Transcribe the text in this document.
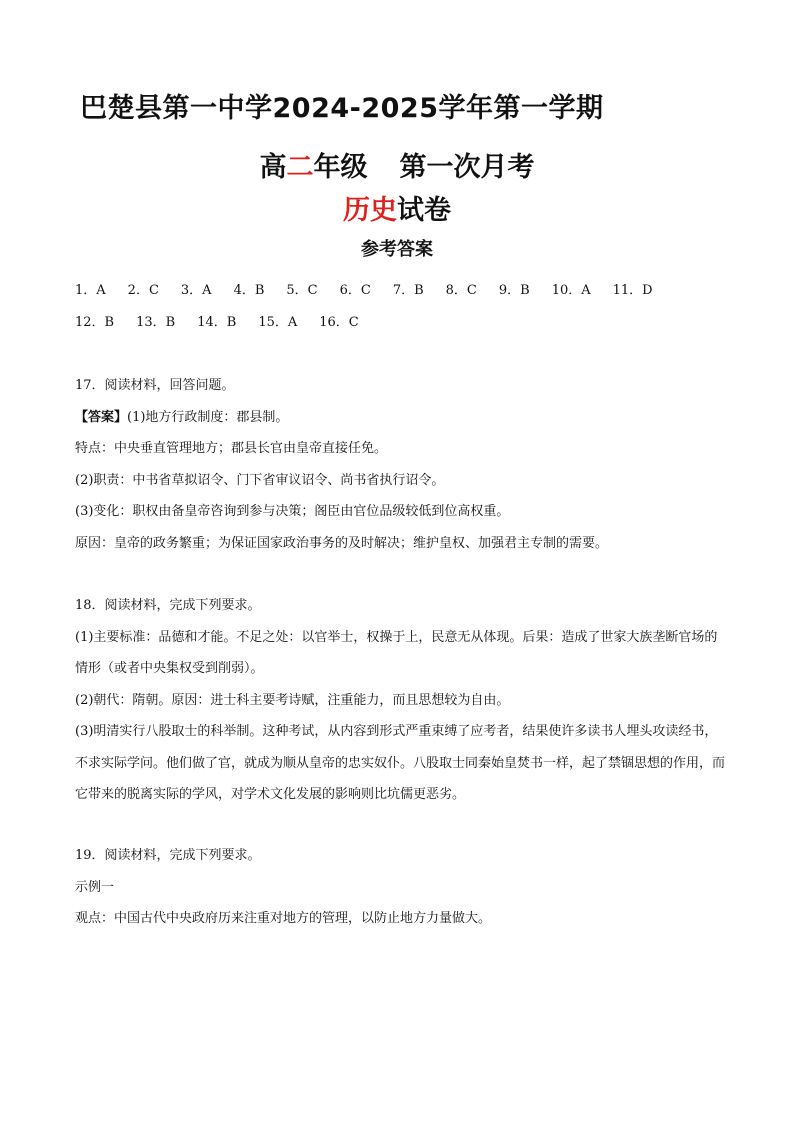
巴楚县第一中学2024-2025学年第一学期
高二年级 第一次月考
历史试卷
参考答案
1．A 2．C 3．A 4．B 5．C 6．C 7．B 8．C 9．B 10．A 11．D
12．B 13．B 14．B 15．A 16．C

17．阅读材料，回答问题。

【答案】(1)地方行政制度：郡县制。

特点：中央垂直管理地方；郡县长官由皇帝直接任免。

(2)职责：中书省草拟诏令、门下省审议诏令、尚书省执行诏令。

(3)变化：职权由备皇帝咨询到参与决策；阁臣由官位品级较低到位高权重。

原因：皇帝的政务繁重；为保证国家政治事务的及时解决；维护皇权、加强君主专制的需要。

18．阅读材料，完成下列要求。

(1)主要标准：品德和才能。不足之处：以官举士，权操于上，民意无从体现。后果：造成了世家大族垄断官场的情形（或者中央集权受到削弱）。

(2)朝代：隋朝。原因：进士科主要考诗赋，注重能力，而且思想较为自由。

(3)明清实行八股取士的科举制。这种考试，从内容到形式严重束缚了应考者，结果使许多读书人埋头攻读经书，不求实际学问。他们做了官，就成为顺从皇帝的忠实奴仆。八股取士同秦始皇焚书一样，起了禁锢思想的作用，而它带来的脱离实际的学风，对学术文化发展的影响则比坑儒更恶劣。

19．阅读材料，完成下列要求。

示例一

观点：中国古代中央政府历来注重对地方的管理，以防止地方力量做大。
